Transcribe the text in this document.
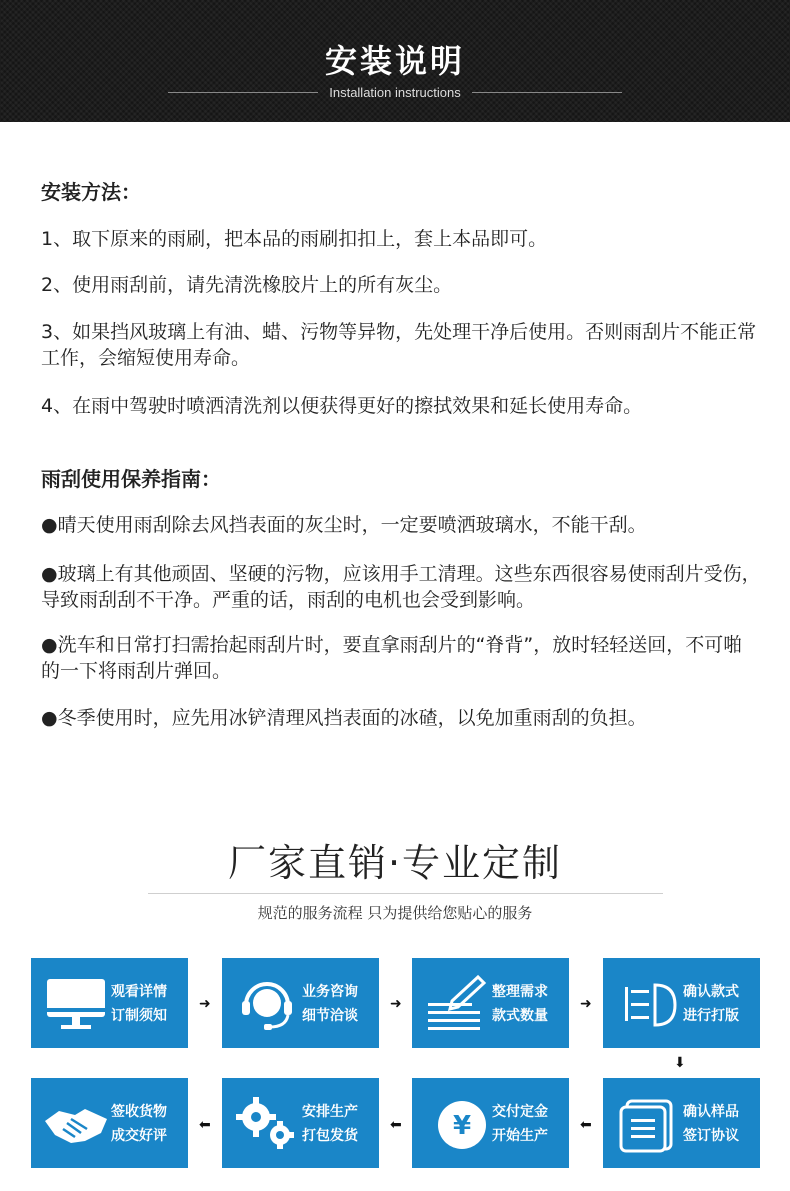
安装说明
Installation instructions
安装方法：
1、取下原来的雨刷，把本品的雨刷扣扣上，套上本品即可。
2、使用雨刮前，请先清洗橡胶片上的所有灰尘。
3、如果挡风玻璃上有油、蜡、污物等异物，先处理干净后使用。否则雨刮片不能正常工作，会缩短使用寿命。
4、在雨中驾驶时喷洒清洗剂以便获得更好的擦拭效果和延长使用寿命。
雨刮使用保养指南：
●晴天使用雨刮除去风挡表面的灰尘时，一定要喷洒玻璃水，不能干刮。
●玻璃上有其他顽固、坚硬的污物，应该用手工清理。这些东西很容易使雨刮片受伤，导致雨刮刮不干净。严重的话，雨刮的电机也会受到影响。
●洗车和日常打扫需抬起雨刮片时，要直拿雨刮片的“脊背”，放时轻轻送回，不可啪的一下将雨刮片弹回。
●冬季使用时，应先用冰铲清理风挡表面的冰碴，以免加重雨刮的负担。
厂家直销·专业定制
规范的服务流程 只为提供给您贴心的服务
观看详情
订制须知
➜
业务咨询
细节洽谈
➜
整理需求
款式数量
➜
确认款式
进行打版
⬇
签收货物
成交好评
⬅
安排生产
打包发货
⬅ ¥ 交付定金
开始生产
⬅
确认样品
签订协议
